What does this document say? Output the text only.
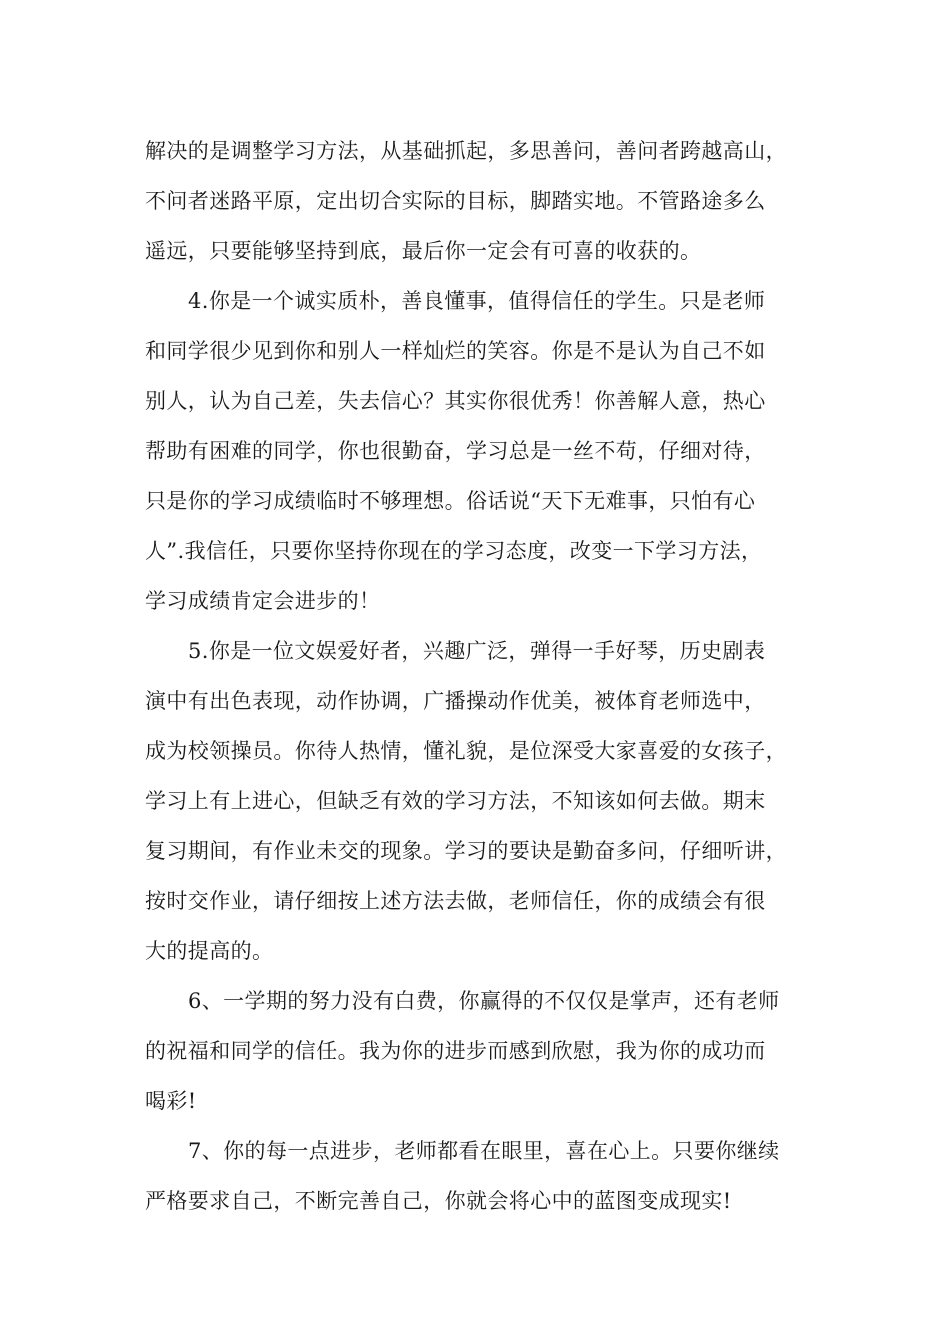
解决的是调整学习方法，从基础抓起，多思善问，善问者跨越高山，
不问者迷路平原，定出切合实际的目标，脚踏实地。不管路途多么
遥远，只要能够坚持到底，最后你一定会有可喜的收获的。
4.你是一个诚实质朴，善良懂事，值得信任的学生。只是老师
和同学很少见到你和别人一样灿烂的笑容。你是不是认为自己不如
别人，认为自己差，失去信心？其实你很优秀！你善解人意，热心
帮助有困难的同学，你也很勤奋，学习总是一丝不苟，仔细对待，
只是你的学习成绩临时不够理想。俗话说“天下无难事，只怕有心
人”.我信任，只要你坚持你现在的学习态度，改变一下学习方法，
学习成绩肯定会进步的！
5.你是一位文娱爱好者，兴趣广泛，弹得一手好琴，历史剧表
演中有出色表现，动作协调，广播操动作优美，被体育老师选中，
成为校领操员。你待人热情，懂礼貌，是位深受大家喜爱的女孩子，
学习上有上进心，但缺乏有效的学习方法，不知该如何去做。期末
复习期间，有作业未交的现象。学习的要诀是勤奋多问，仔细听讲，
按时交作业，请仔细按上述方法去做，老师信任，你的成绩会有很
大的提高的。
6、一学期的努力没有白费，你赢得的不仅仅是掌声，还有老师
的祝福和同学的信任。我为你的进步而感到欣慰，我为你的成功而
喝彩!
7、你的每一点进步，老师都看在眼里，喜在心上。只要你继续
严格要求自己，不断完善自己，你就会将心中的蓝图变成现实!
